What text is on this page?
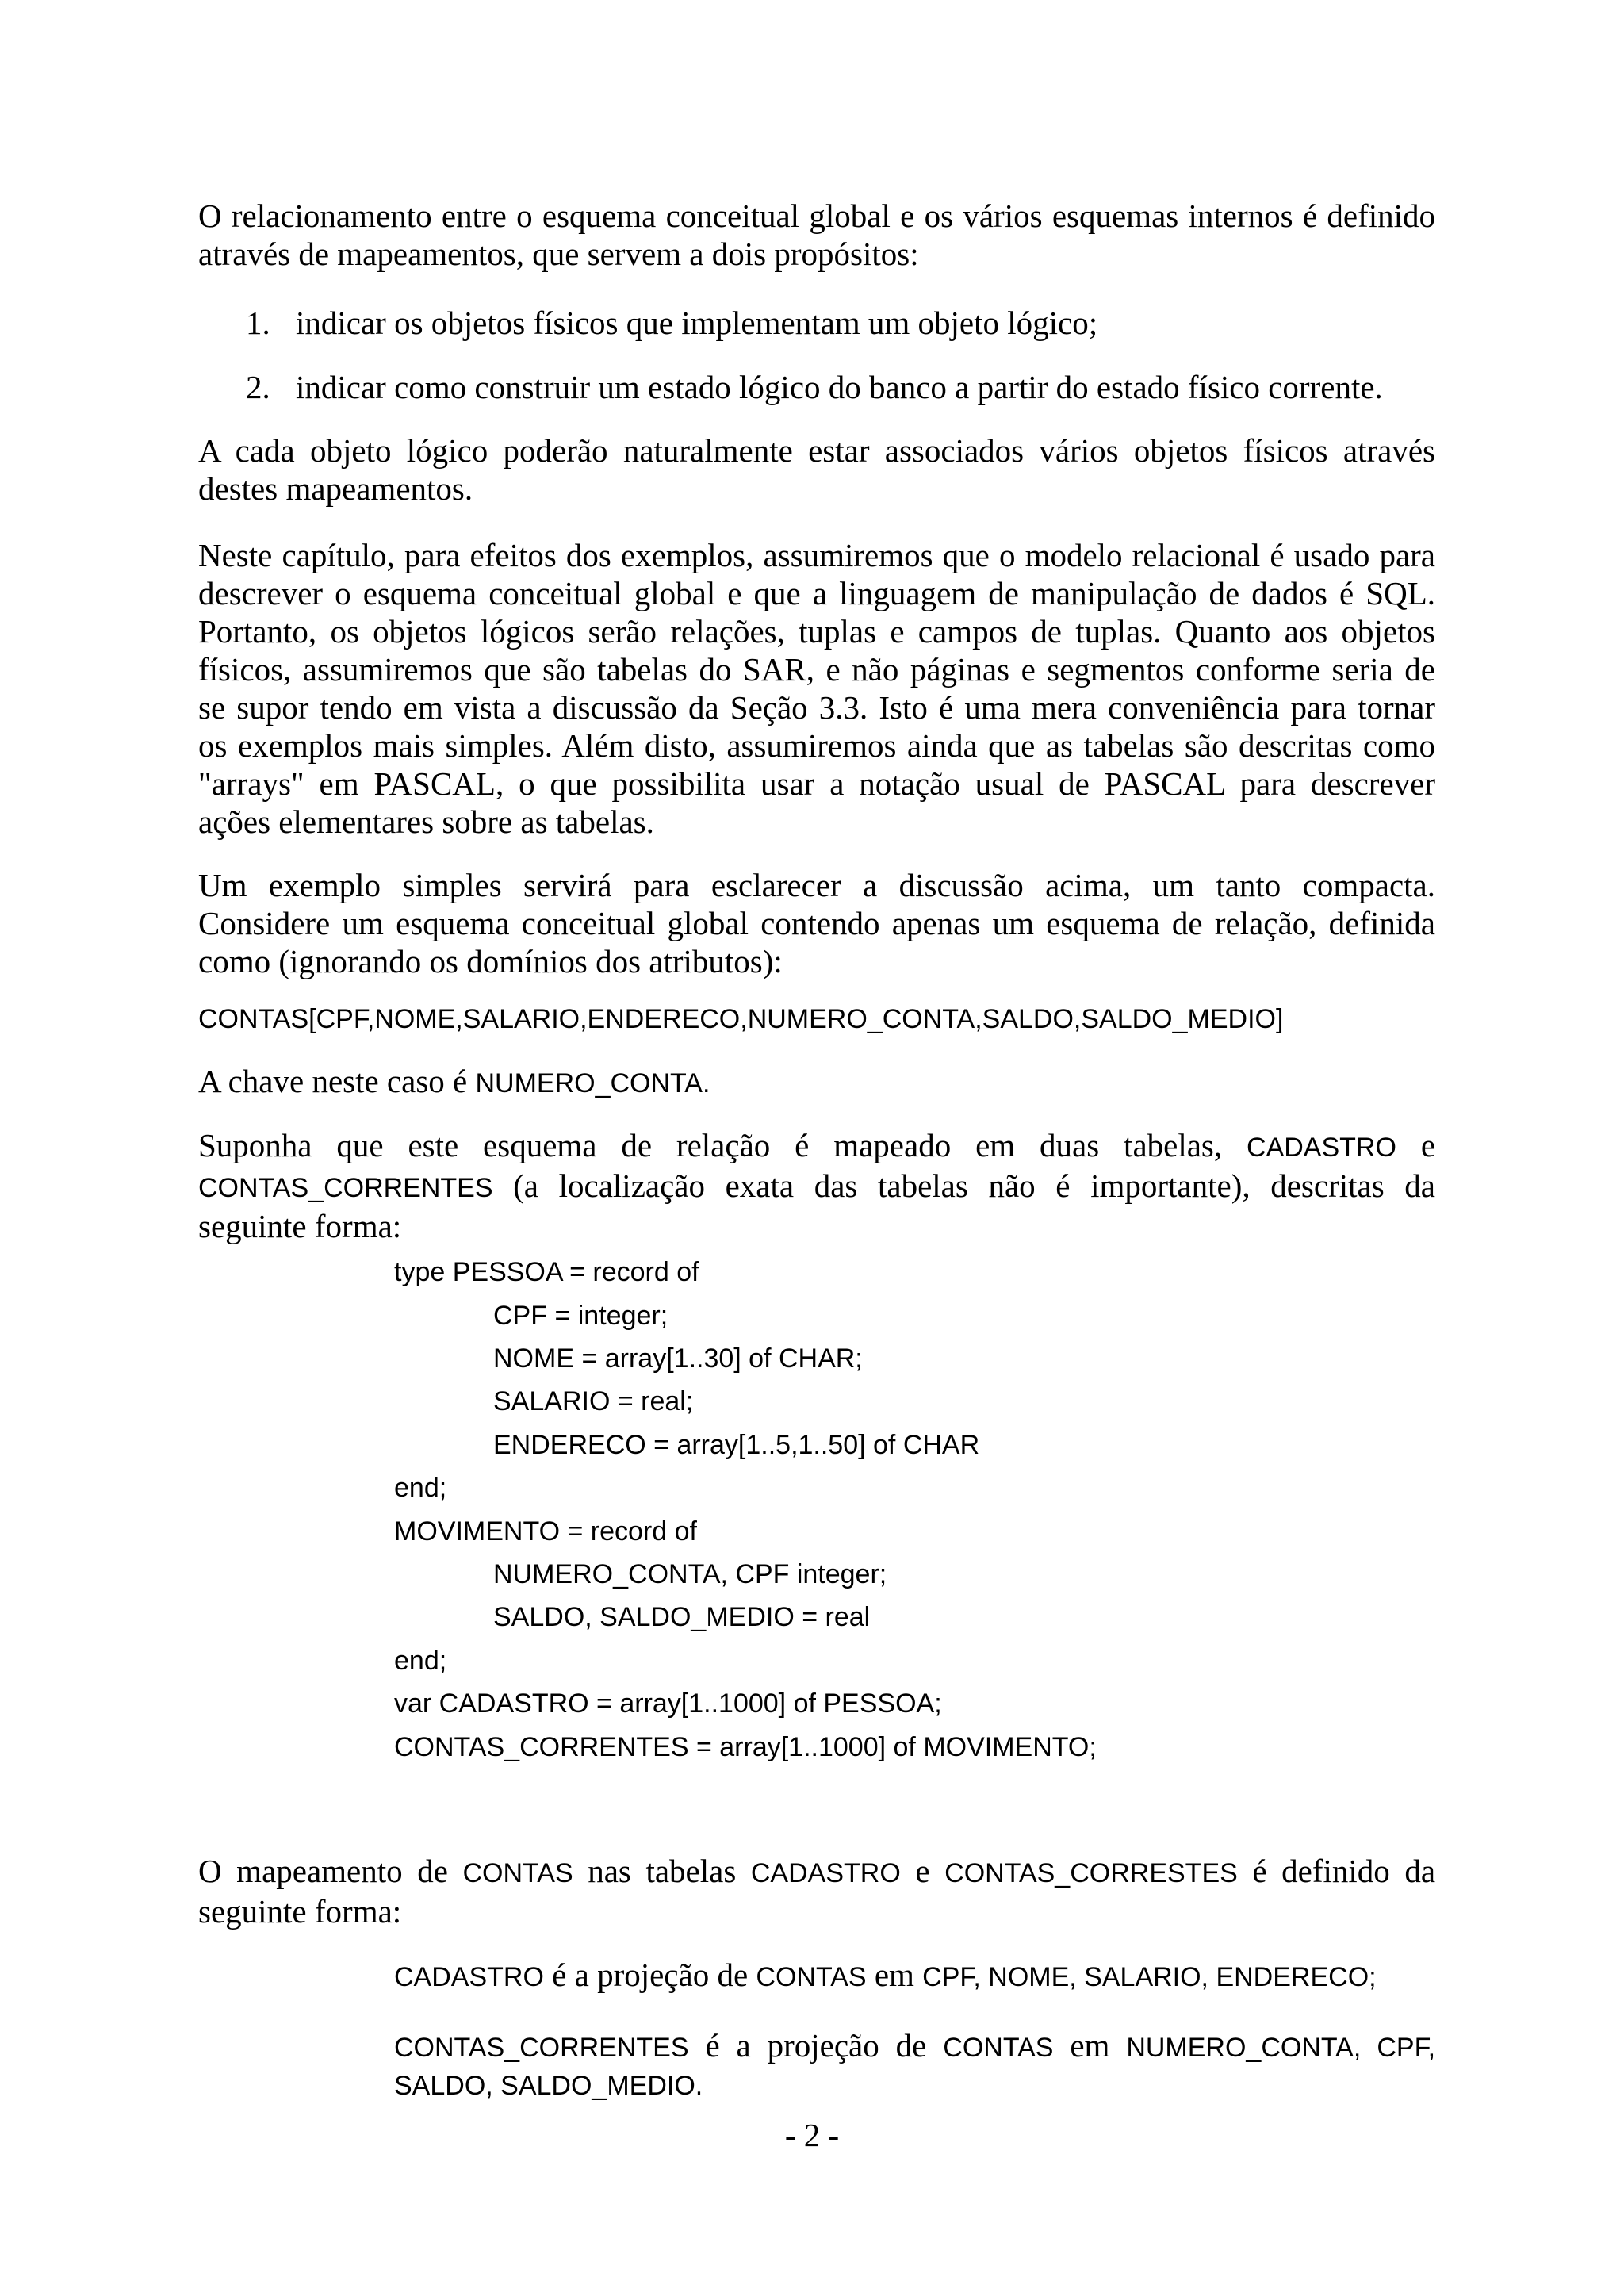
O relacionamento entre o esquema conceitual global e os vários esquemas internos é definido
através de mapeamentos, que servem a dois propósitos:
1. indicar os objetos físicos que implementam um objeto lógico;
2. indicar como construir um estado lógico do banco a partir do estado físico corrente.
A cada objeto lógico poderão naturalmente estar associados vários objetos físicos através
destes mapeamentos.
Neste capítulo, para efeitos dos exemplos, assumiremos que o modelo relacional é usado para
descrever o esquema conceitual global e que a linguagem de manipulação de dados é SQL.
Portanto, os objetos lógicos serão relações, tuplas e campos de tuplas. Quanto aos objetos
físicos, assumiremos que são tabelas do SAR, e não páginas e segmentos conforme seria de
se supor tendo em vista a discussão da Seção 3.3. Isto é uma mera conveniência para tornar
os exemplos mais simples. Além disto, assumiremos ainda que as tabelas são descritas como
"arrays" em PASCAL, o que possibilita usar a notação usual de PASCAL para descrever
ações elementares sobre as tabelas.
Um exemplo simples servirá para esclarecer a discussão acima, um tanto compacta.
Considere um esquema conceitual global contendo apenas um esquema de relação, definida
como (ignorando os domínios dos atributos):
CONTAS[CPF,NOME,SALARIO,ENDERECO,NUMERO_CONTA,SALDO,SALDO_MEDIO]
A chave neste caso é NUMERO_CONTA.
Suponha que este esquema de relação é mapeado em duas tabelas, CADASTRO e
CONTAS_CORRENTES (a localização exata das tabelas não é importante), descritas da
seguinte forma:
type PESSOA = record of
CPF = integer;
NOME = array[1..30] of CHAR;
SALARIO = real;
ENDERECO = array[1..5,1..50] of CHAR
end;
MOVIMENTO = record of
NUMERO_CONTA, CPF integer;
SALDO, SALDO_MEDIO = real
end;
var CADASTRO = array[1..1000] of PESSOA;
CONTAS_CORRENTES = array[1..1000] of MOVIMENTO;
O mapeamento de CONTAS nas tabelas CADASTRO e CONTAS_CORRESTES é definido da
seguinte forma:
CADASTRO é a projeção de CONTAS em CPF, NOME, SALARIO, ENDERECO;
CONTAS_CORRENTES é a projeção de CONTAS em NUMERO_CONTA, CPF,
SALDO, SALDO_MEDIO.
- 2 -
